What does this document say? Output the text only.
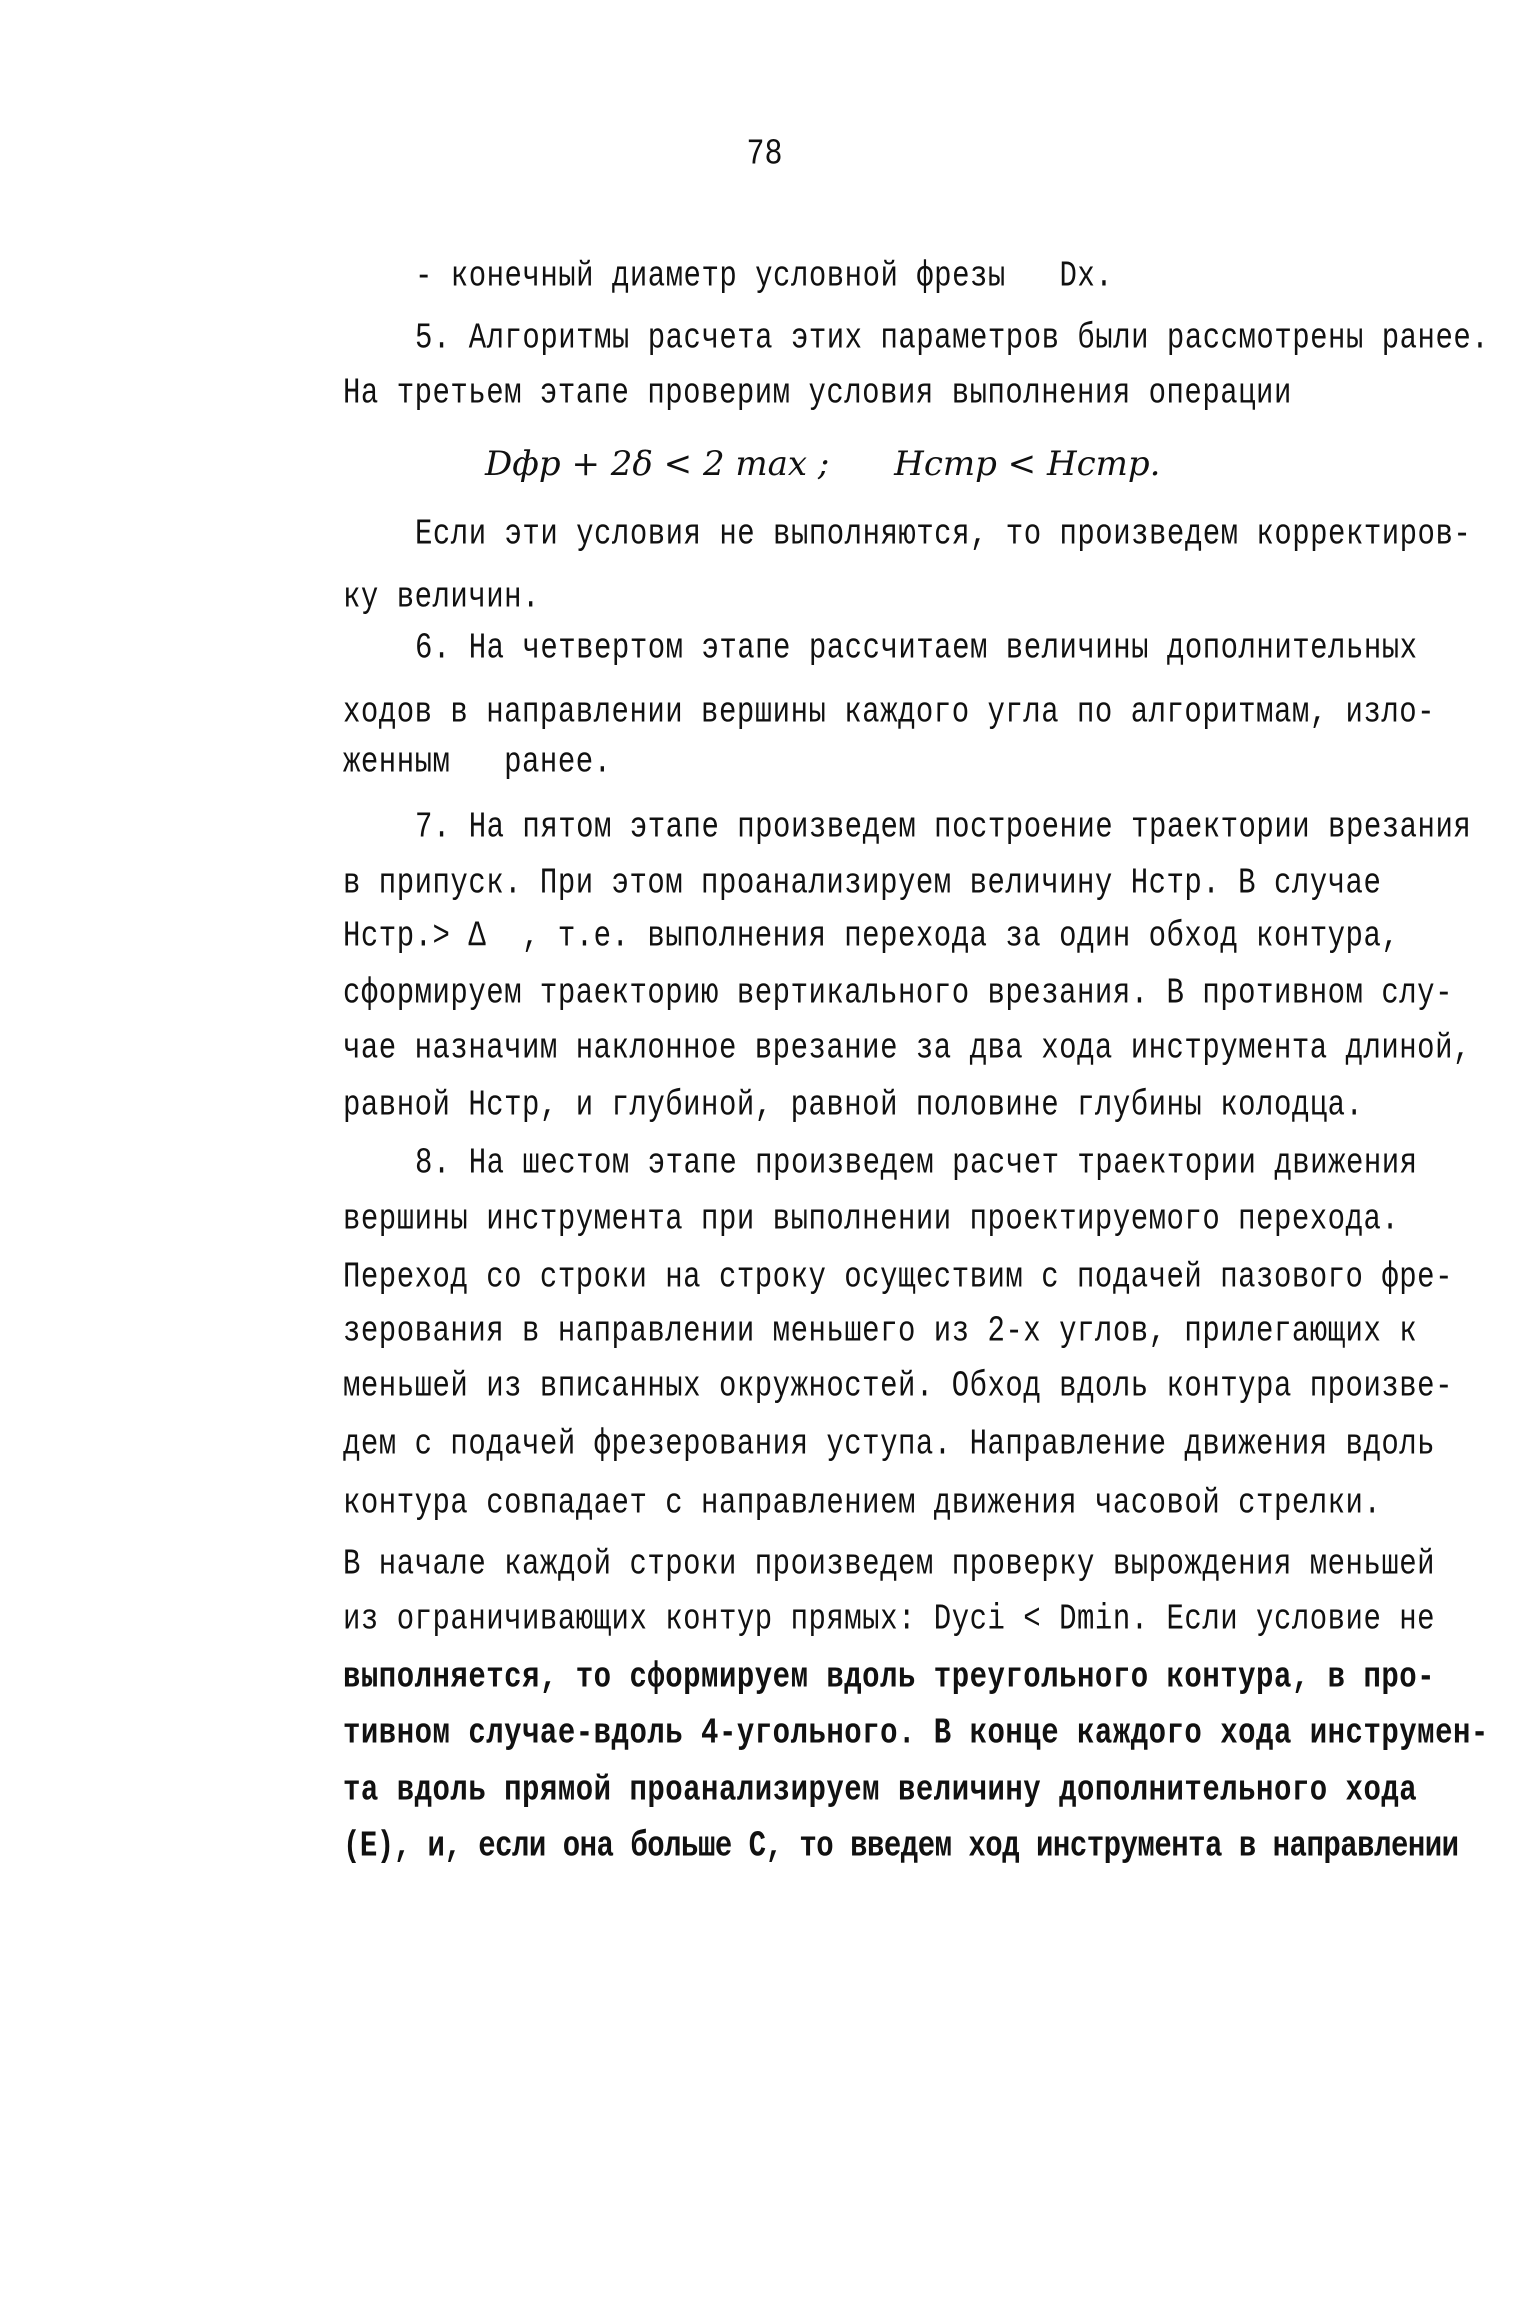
78
- конечный диаметр условной фрезы   Dх.
5. Алгоритмы расчета этих параметров были рассмотрены ранее.
На третьем этапе проверим условия выполнения операции
Dфр + 2δ < 2 max ;      Нстр < Нстр.
Если эти условия не выполняются, то произведем корректиров-
ку величин.
6. На четвертом этапе рассчитаем величины дополнительных
ходов в направлении вершины каждого угла по алгоритмам, изло-
женным   ранее.
7. На пятом этапе произведем построение траектории врезания
в припуск. При этом проанализируем величину Нстр. В случае
Нстр.> Δ  , т.е. выполнения перехода за один обход контура,
сформируем траекторию вертикального врезания. В противном слу-
чае назначим наклонное врезание за два хода инструмента длиной,
равной Нстр, и глубиной, равной половине глубины колодца.
8. На шестом этапе произведем расчет траектории движения
вершины инструмента при выполнении проектируемого перехода.
Переход со строки на строку осуществим с подачей пазового фре-
зерования в направлении меньшего из 2-х углов, прилегающих к
меньшей из вписанных окружностей. Обход вдоль контура произве-
дем с подачей фрезерования уступа. Направление движения вдоль
контура совпадает с направлением движения часовой стрелки.
В начале каждой строки произведем проверку вырождения меньшей
из ограничивающих контур прямых: Dусi < Dmin. Если условие не
выполняется, то сформируем вдоль треугольного контура, в про-
тивном случае-вдоль 4-угольного. В конце каждого хода инструмен-
та вдоль прямой проанализируем величину дополнительного хода
(Е), и, если она больше С, то введем ход инструмента в направлении
